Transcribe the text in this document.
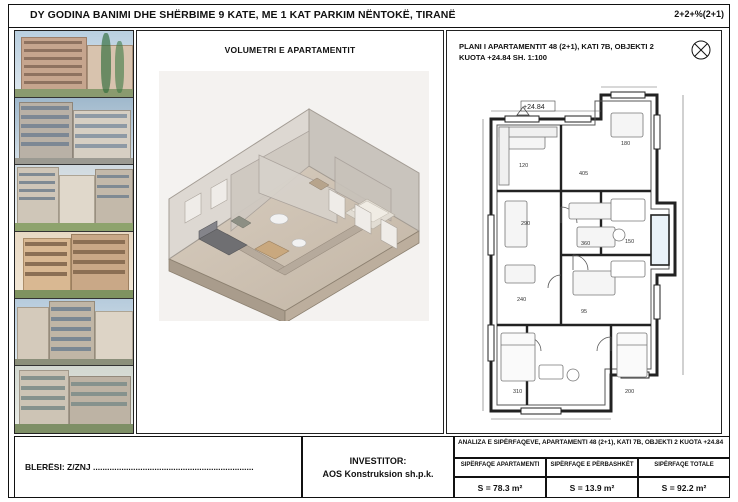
DY GODINA BANIMI DHE SHËRBIME 9 KATE, ME 1 KAT PARKIM NËNTOKË, TIRANË	2+2+%(2+1)
VOLUMETRI E APARTAMENTIT	PLANI I APARTAMENTIT 48 (2+1), KATI 7B, OBJEKTI 2
KUOTA +24.84 SH. 1:100
+24.84
120
405
180
290
360	150
240
95
310	200
BLERËSI: Z/ZNJ ....................................................................
INVESTITOR:
AOS Konstruksion sh.p.k.
ANALIZA E SIPËRFAQEVE, APARTAMENTI 48 (2+1), KATI 7B, OBJEKTI 2 KUOTA +24.84
SIPËRFAQE APARTAMENTI	SIPËRFAQE E PËRBASHKËT	SIPËRFAQE TOTALE
S = 78.3 m²	S = 13.9 m²	S = 92.2 m²
